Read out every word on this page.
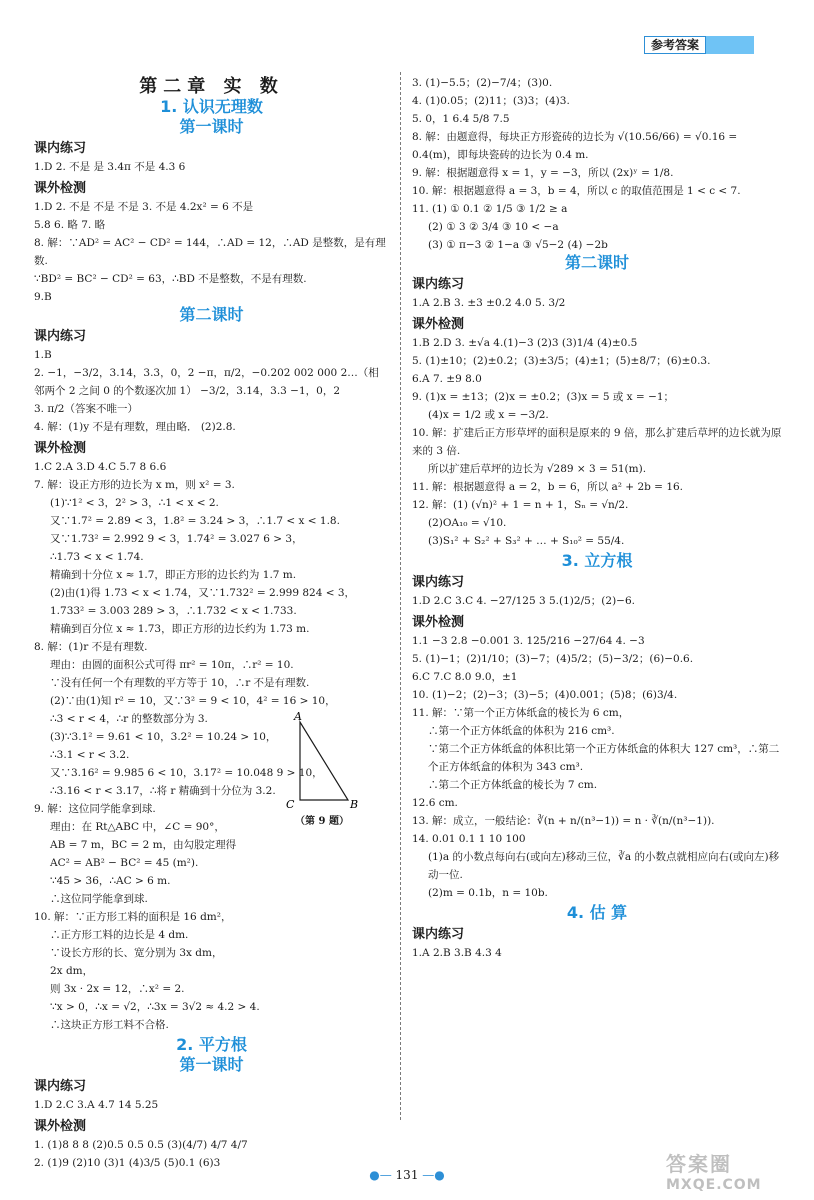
参考答案
第二章 实 数
1. 认识无理数
第一课时
课内练习
1.D 2. 不是 是 3.4π 不是 4.3 6
课外检测
1.D 2. 不是 不是 不是 3. 不是 4.2x² = 6 不是
5.8 6. 略 7. 略
8. 解：∵AD² = AC² − CD² = 144，∴AD = 12，∴AD 是整数，是有理数.
∵BD² = BC² − CD² = 63，∴BD 不是整数，不是有理数.
9.B
第二课时
课内练习
1.B
2. −1，−3/2，3.14，3.3，0，2 −π，π/2，−0.202 002 000 2…（相邻两个 2 之间 0 的个数逐次加 1） −3/2，3.14，3.3 −1，0，2
3. π/2（答案不唯一）
4. 解：(1)y 不是有理数，理由略． (2)2.8.
课外检测
1.C 2.A 3.D 4.C 5.7 8 6.6
7. 解：设正方形的边长为 x m，则 x² = 3.
(1)∵1² < 3，2² > 3，∴1 < x < 2.
又∵1.7² = 2.89 < 3，1.8² = 3.24 > 3，∴1.7 < x < 1.8.
又∵1.73² = 2.992 9 < 3，1.74² = 3.027 6 > 3，
∴1.73 < x < 1.74.
精确到十分位 x ≈ 1.7，即正方形的边长约为 1.7 m.
(2)由(1)得 1.73 < x < 1.74，又∵1.732² = 2.999 824 < 3，
1.733² = 3.003 289 > 3，∴1.732 < x < 1.733.
精确到百分位 x ≈ 1.73，即正方形的边长约为 1.73 m.
8. 解：(1)r 不是有理数.
理由：由圆的面积公式可得 πr² = 10π，∴r² = 10.
∵没有任何一个有理数的平方等于 10，∴r 不是有理数.
(2)∵由(1)知 r² = 10，又∵3² = 9 < 10，4² = 16 > 10，
∴3 < r < 4，∴r 的整数部分为 3.
(3)∵3.1² = 9.61 < 10，3.2² = 10.24 > 10，
∴3.1 < r < 3.2.
又∵3.16² = 9.985 6 < 10，3.17² = 10.048 9 > 10，
∴3.16 < r < 3.17，∴将 r 精确到十分位为 3.2.
9. 解：这位同学能拿到球.
理由：在 Rt△ABC 中，∠C = 90°，
AB = 7 m，BC = 2 m，由勾股定理得
AC² = AB² − BC² = 45 (m²).
∵45 > 36，∴AC > 6 m.
∴这位同学能拿到球.
10. 解：∵正方形工料的面积是 16 dm²，
∴正方形工料的边长是 4 dm.
∵设长方形的长、宽分别为 3x dm，
2x dm，
则 3x · 2x = 12，∴x² = 2.
∵x > 0，∴x = √2，∴3x = 3√2 ≈ 4.2 > 4.
∴这块正方形工料不合格.
2. 平方根
第一课时
课内练习
1.D 2.C 3.A 4.7 14 5.25
课外检测
1. (1)8 8 8 (2)0.5 0.5 0.5 (3)(4/7) 4/7 4/7
2. (1)9 (2)10 (3)1 (4)3/5 (5)0.1 (6)3
3. (1)−5.5；(2)−7/4；(3)0.
4. (1)0.05；(2)11；(3)3；(4)3.
5. 0，1 6.4 5/8 7.5
8. 解：由题意得，每块正方形瓷砖的边长为 √(10.56/66) = √0.16 = 0.4(m)，即每块瓷砖的边长为 0.4 m.
9. 解：根据题意得 x = 1，y = −3，所以 (2x)ʸ = 1/8.
10. 解：根据题意得 a = 3，b = 4，所以 c 的取值范围是 1 < c < 7.
11. (1) ① 0.1 ② 1/5 ③ 1/2 ≥ a
(2) ① 3 ② 3/4 ③ 10 < −a
(3) ① π−3 ② 1−a ③ √5−2 (4) −2b
第二课时
课内练习
1.A 2.B 3. ±3 ±0.2 4.0 5. 3/2
课外检测
1.B 2.D 3. ±√a 4.(1)−3 (2)3 (3)1/4 (4)±0.5
5. (1)±10；(2)±0.2；(3)±3/5；(4)±1；(5)±8/7；(6)±0.3.
6.A 7. ±9 8.0
9. (1)x = ±13；(2)x = ±0.2；(3)x = 5 或 x = −1；
(4)x = 1/2 或 x = −3/2.
10. 解：扩建后正方形草坪的面积是原来的 9 倍，那么扩建后草坪的边长就为原来的 3 倍.
所以扩建后草坪的边长为 √289 × 3 = 51(m).
11. 解：根据题意得 a = 2，b = 6，所以 a² + 2b = 16.
12. 解：(1) (√n)² + 1 = n + 1，Sₙ = √n/2.
(2)OA₁₀ = √10.
(3)S₁² + S₂² + S₃² + … + S₁₀² = 55/4.
3. 立方根
课内练习
1.D 2.C 3.C 4. −27/125 3 5.(1)2/5；(2)−6.
课外检测
1.1 −3 2.8 −0.001 3. 125/216 −27/64 4. −3
5. (1)−1；(2)1/10；(3)−7；(4)5/2；(5)−3/2；(6)−0.6.
6.C 7.C 8.0 9.0，±1
10. (1)−2；(2)−3；(3)−5；(4)0.001；(5)8；(6)3/4.
11. 解：∵第一个正方体纸盒的棱长为 6 cm，
∴第一个正方体纸盒的体积为 216 cm³.
∵第二个正方体纸盒的体积比第一个正方体纸盒的体积大 127 cm³，∴第二个正方体纸盒的体积为 343 cm³.
∴第二个正方体纸盒的棱长为 7 cm.
12.6 cm.
13. 解：成立，一般结论：∛(n + n/(n³−1)) = n · ∛(n/(n³−1)).
14. 0.01 0.1 1 10 100
(1)a 的小数点每向右(或向左)移动三位，∛a 的小数点就相应向右(或向左)移动一位.
(2)m = 0.1b，n = 10b.
4. 估 算
课内练习
1.A 2.B 3.B 4.3 4
A
C	B
（第 9 题）
●— 131 —●	答案圈
MXQE.COM
